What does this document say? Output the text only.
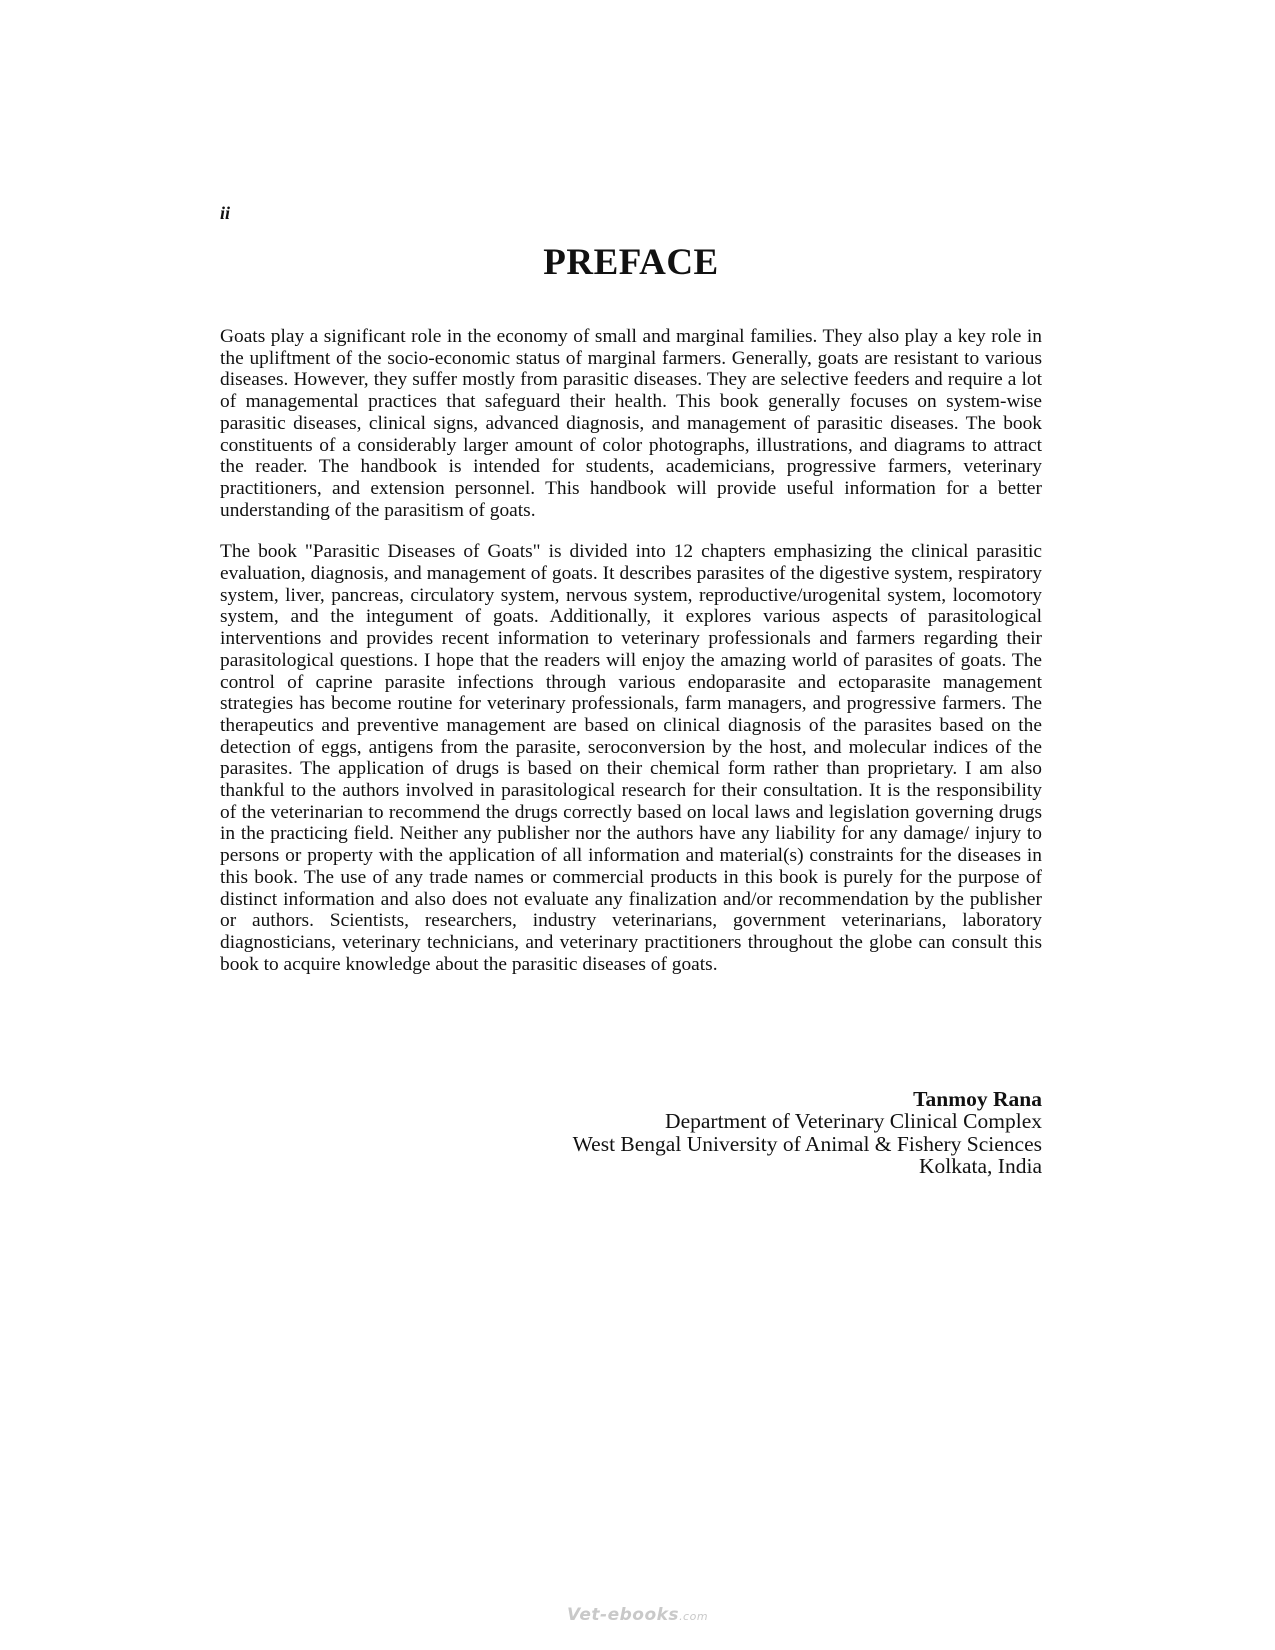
ii
PREFACE

Goats play a significant role in the economy of small and marginal families. They also play a key role in the upliftment of the socio-economic status of marginal farmers. Generally, goats are resistant to various diseases. However, they suffer mostly from parasitic diseases. They are selective feeders and require a lot of managemental practices that safeguard their health. This book generally focuses on system-wise parasitic diseases, clinical signs, advanced diagnosis, and management of parasitic diseases. The book constituents of a considerably larger amount of color photographs, illustrations, and diagrams to attract the reader. The handbook is intended for students, academicians, progressive farmers, veterinary practitioners, and extension personnel. This handbook will provide useful information for a better understanding of the parasitism of goats.

The book "Parasitic Diseases of Goats" is divided into 12 chapters emphasizing the clinical parasitic evaluation, diagnosis, and management of goats. It describes parasites of the digestive system, respiratory system, liver, pancreas, circulatory system, nervous system, reproductive/urogenital system, locomotory system, and the integument of goats. Additionally, it explores various aspects of parasitological interventions and provides recent information to veterinary professionals and farmers regarding their parasitological questions. I hope that the readers will enjoy the amazing world of parasites of goats. The control of caprine parasite infections through various endoparasite and ectoparasite management strategies has become routine for veterinary professionals, farm managers, and progressive farmers. The therapeutics and preventive management are based on clinical diagnosis of the parasites based on the detection of eggs, antigens from the parasite, seroconversion by the host, and molecular indices of the parasites. The application of drugs is based on their chemical form rather than proprietary. I am also thankful to the authors involved in parasitological research for their consultation. It is the responsibility of the veterinarian to recommend the drugs correctly based on local laws and legislation governing drugs in the practicing field. Neither any publisher nor the authors have any liability for any damage/ injury to persons or property with the application of all information and material(s) constraints for the diseases in this book. The use of any trade names or commercial products in this book is purely for the purpose of distinct information and also does not evaluate any finalization and/or recommendation by the publisher or authors. Scientists, researchers, industry veterinarians, government veterinarians, laboratory diagnosticians, veterinary technicians, and veterinary practitioners throughout the globe can consult this book to acquire knowledge about the parasitic diseases of goats.

Tanmoy Rana
Department of Veterinary Clinical Complex
West Bengal University of Animal & Fishery Sciences
Kolkata, India
Vet-ebooks.com
